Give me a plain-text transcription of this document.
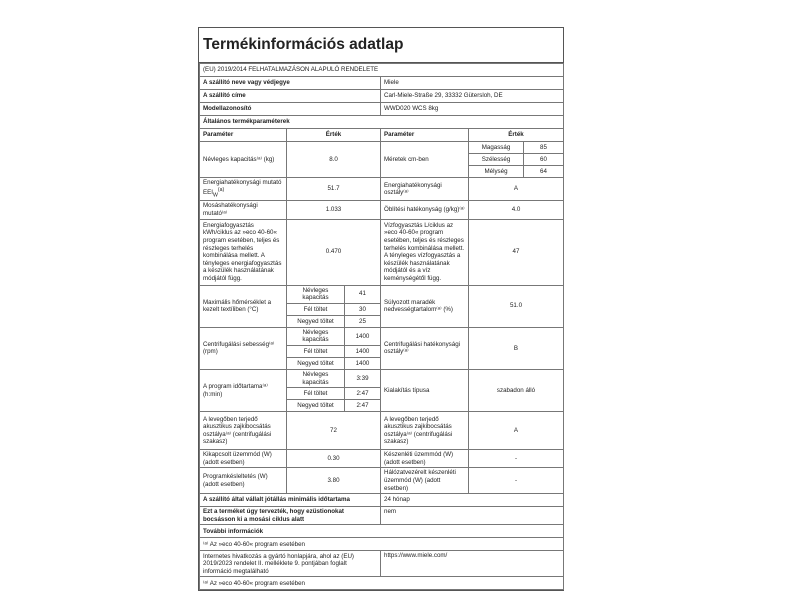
Termékinformációs adatlap
(EU) 2019/2014 FELHATALMAZÁSON ALAPULÓ RENDELETE					
A szállító neve vagy védjegye			Miele		
A szállító címe			Carl-Miele-Straße 29, 33332 Gütersloh, DE		
Modellazonosító			WWD020 WCS 8kg		
Általános termékparaméterek					
Paraméter	Érték		Paraméter	Érték	
Névleges kapacitás⁽ᵃ⁾ (kg)	8.0		Méretek cm-ben	Magasság	85
				Szélesség	60
				Mélység	64
Energiahatékonysági mutató $EEI_W^{(a)}$	51.7		Energiahatékonysági osztály⁽ᵃ⁾	A	
Mosáshatékonysági mutató⁽ᵃ⁾	1.033		Öblítési hatékonyság (g/kg)⁽ᵃ⁾	4.0	
Energiafogyasztás kWh/ciklus az »eco 40-60« program esetében, teljes és részleges terhelés kombinálása mellett. A tényleges energiafogyasztás a készülék használatának módjától függ.	0.470		Vízfogyasztás L/ciklus az »eco 40-60« program esetében, teljes és részleges terhelés kombinálása mellett. A tényleges vízfogyasztás a készülék használatának módjától és a víz keménységétől függ.	47	
Maximális hőmérséklet a kezelt textíliben (°C)	Névleges kapacitás	41	Súlyozott maradék nedvességtartalom⁽ᵃ⁾ (%)	51.0	
	Fél töltet	30			
	Negyed töltet	25			
Centrifugálási sebesség⁽ᵃ⁾ (rpm)	Névleges kapacitás	1400	Centrifugálási hatékonysági osztály⁽ᵃ⁾	B	
	Fél töltet	1400			
	Negyed töltet	1400			
A program időtartama⁽ᵃ⁾ (h:min)	Névleges kapacitás	3:39	Kialakítás típusa	szabadon álló	
	Fél töltet	2:47			
	Negyed töltet	2:47			
A levegőben terjedő akusztikus zajkibocsátás osztálya⁽ᵃ⁾ (centrifugálási szakasz)	72		A levegőben terjedő akusztikus zajkibocsátás osztálya⁽ᵃ⁾ (centrifugálási szakasz)	A	
Kikapcsolt üzemmód (W) (adott esetben)	0.30		Készenléti üzemmód (W) (adott esetben)	-	
Programkésleltetés (W) (adott esetben)	3.80		Hálózatvezérelt készenléti üzemmód (W) (adott esetben)	-	
A szállító által vállalt jótállás minimális időtartama			24 hónap		
Ezt a terméket úgy tervezték, hogy ezüstionokat bocsásson ki a mosási ciklus alatt			nem		
További információk					
⁽ᵃ⁾ Az »eco 40-60« program esetében					
Internetes hivatkozás a gyártó honlapjára, ahol az (EU) 2019/2023 rendelet II. melléklete 9. pontjában foglalt információ megtalálható			https://www.miele.com/		
⁽ᵃ⁾ Az »eco 40-60« program esetében					
